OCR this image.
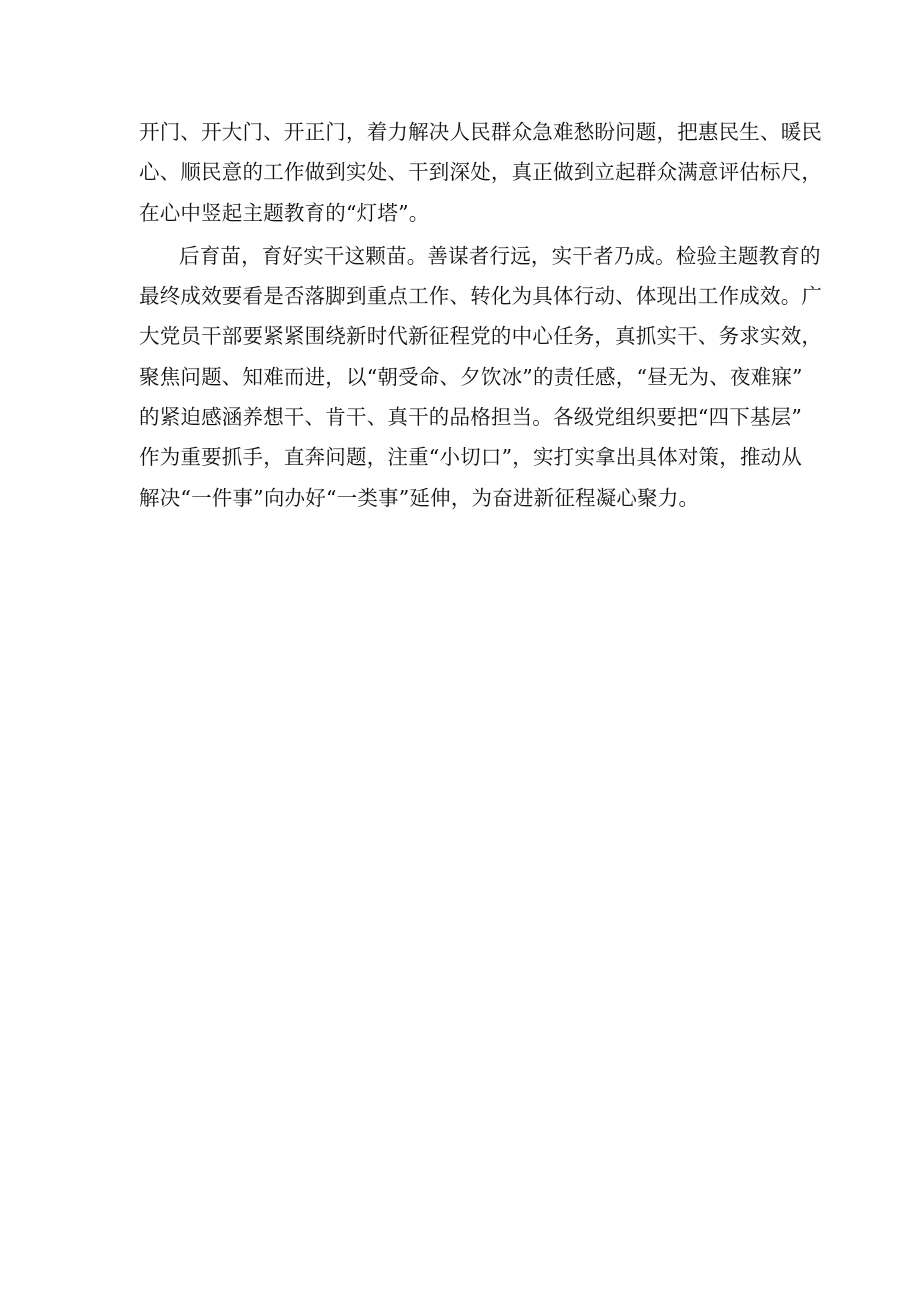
开门、开大门、开正门，着力解决人民群众急难愁盼问题，把惠民生、暖民
心、顺民意的工作做到实处、干到深处，真正做到立起群众满意评估标尺，
在心中竖起主题教育的“灯塔”。
后育苗，育好实干这颗苗。善谋者行远，实干者乃成。检验主题教育的
最终成效要看是否落脚到重点工作、转化为具体行动、体现出工作成效。广
大党员干部要紧紧围绕新时代新征程党的中心任务，真抓实干、务求实效，
聚焦问题、知难而进，以“朝受命、夕饮冰”的责任感，“昼无为、夜难寐”
的紧迫感涵养想干、肯干、真干的品格担当。各级党组织要把“四下基层”
作为重要抓手，直奔问题，注重“小切口”，实打实拿出具体对策，推动从
解决“一件事”向办好“一类事”延伸，为奋进新征程凝心聚力。
